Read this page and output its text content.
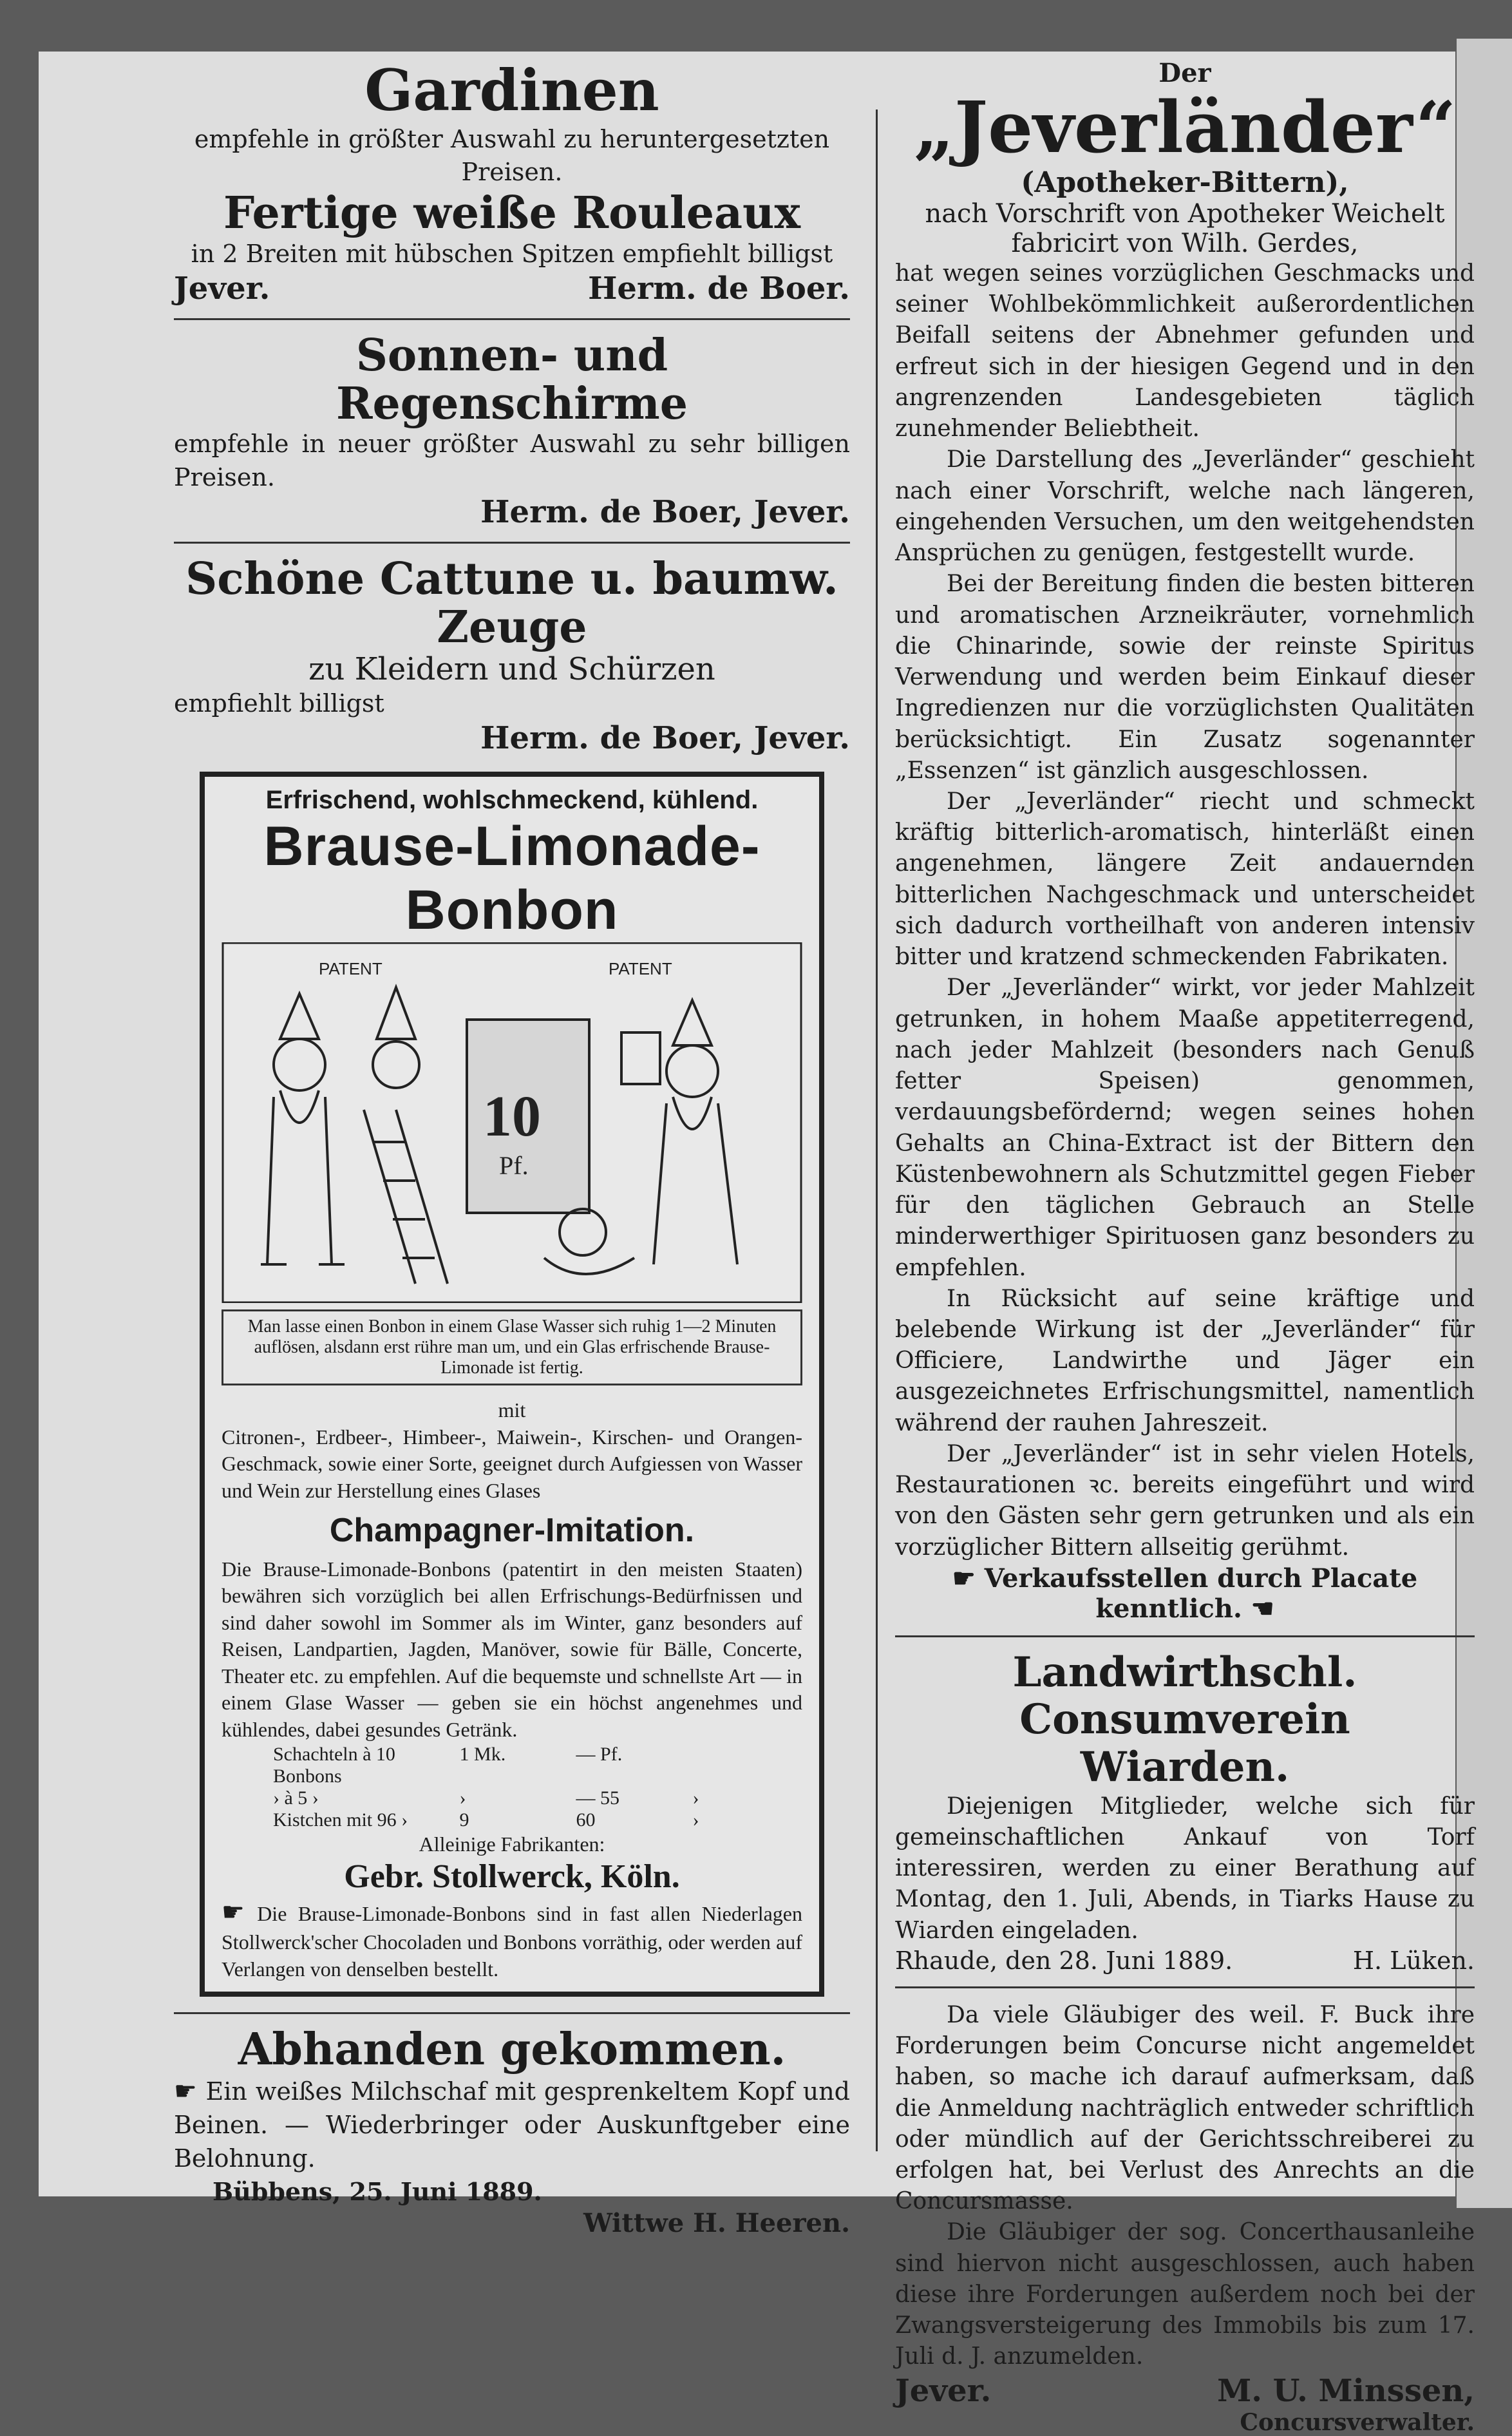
Gardinen
empfehle in größter Auswahl zu heruntergesetzten Preisen.
Fertige weiße Rouleaux
in 2 Breiten mit hübschen Spitzen empfiehlt billigst
Jever.	Herm. de Boer.
Sonnen- und Regenschirme
empfehle in neuer größter Auswahl zu sehr billigen Preisen.
Herm. de Boer, Jever.
Schöne Cattune u. baumw. Zeuge
zu Kleidern und Schürzen
empfiehlt billigst
Herm. de Boer, Jever.
Erfrischend, wohlschmeckend, kühlend.
Brause-Limonade-Bonbon
PATENT	PATENT
10
Pf.
Man lasse einen Bonbon in einem Glase Wasser sich ruhig 1—2 Minuten auflösen, alsdann erst rühre man um, und ein Glas erfrischende Brause-Limonade ist fertig.
mit
Citronen-, Erdbeer-, Himbeer-, Maiwein-, Kirschen- und Orangen-Geschmack, sowie einer Sorte, geeignet durch Aufgiessen von Wasser und Wein zur Herstellung eines Glases
Champagner-Imitation.
Die Brause-Limonade-Bonbons (patentirt in den meisten Staaten) bewähren sich vorzüglich bei allen Erfrischungs-Bedürfnissen und sind daher sowohl im Sommer als im Winter, ganz besonders auf Reisen, Landpartien, Jagden, Manöver, sowie für Bälle, Concerte, Theater etc. zu empfehlen. Auf die bequemste und schnellste Art — in einem Glase Wasser — geben sie ein höchst angenehmes und kühlendes, dabei gesundes Getränk.
Schachteln à 10 Bonbons
1 Mk.	— Pf.
› à 5 ›	›	— 55	›
Kistchen mit 96 ›	9	60	›
Alleinige Fabrikanten:
Gebr. Stollwerck, Köln.
☛ Die Brause-Limonade-Bonbons sind in fast allen Niederlagen Stollwerck'scher Chocoladen und Bonbons vorräthig, oder werden auf Verlangen von denselben bestellt.
Abhanden gekommen.
☛ Ein weißes Milchschaf mit gesprenkeltem Kopf und Beinen. — Wiederbringer oder Auskunftgeber eine Belohnung.
Bübbens, 25. Juni 1889.
Wittwe H. Heeren.
Der
„Jeverländer“
(Apotheker-Bittern),
nach Vorschrift von Apotheker Weichelt
fabricirt von Wilh. Gerdes,

hat wegen seines vorzüglichen Geschmacks und seiner Wohlbekömmlichkeit außerordentlichen Beifall seitens der Abnehmer gefunden und erfreut sich in der hiesigen Gegend und in den angrenzenden Landesgebieten täglich zunehmender Beliebtheit.

Die Darstellung des „Jeverländer“ geschieht nach einer Vorschrift, welche nach längeren, eingehenden Versuchen, um den weitgehendsten Ansprüchen zu genügen, festgestellt wurde.

Bei der Bereitung finden die besten bitteren und aromatischen Arzneikräuter, vornehmlich die Chinarinde, sowie der reinste Spiritus Verwendung und werden beim Einkauf dieser Ingredienzen nur die vorzüglichsten Qualitäten berücksichtigt. Ein Zusatz sogenannter „Essenzen“ ist gänzlich ausgeschlossen.

Der „Jeverländer“ riecht und schmeckt kräftig bitterlich-aromatisch, hinterläßt einen angenehmen, längere Zeit andauernden bitterlichen Nachgeschmack und unterscheidet sich dadurch vortheilhaft von anderen intensiv bitter und kratzend schmeckenden Fabrikaten.

Der „Jeverländer“ wirkt, vor jeder Mahlzeit getrunken, in hohem Maaße appetiterregend, nach jeder Mahlzeit (besonders nach Genuß fetter Speisen) genommen, verdauungsbefördernd; wegen seines hohen Gehalts an China-Extract ist der Bittern den Küstenbewohnern als Schutzmittel gegen Fieber für den täglichen Gebrauch an Stelle minderwerthiger Spirituosen ganz besonders zu empfehlen.

In Rücksicht auf seine kräftige und belebende Wirkung ist der „Jeverländer“ für Officiere, Landwirthe und Jäger ein ausgezeichnetes Erfrischungsmittel, namentlich während der rauhen Jahreszeit.

Der „Jeverländer“ ist in sehr vielen Hotels, Restaurationen ꝛc. bereits eingeführt und wird von den Gästen sehr gern getrunken und als ein vorzüglicher Bittern allseitig gerühmt.

☛ Verkaufsstellen durch Placate kenntlich. ☚
Landwirthschl. Consumverein
Wiarden.

Diejenigen Mitglieder, welche sich für gemeinschaftlichen Ankauf von Torf interessiren, werden zu einer Berathung auf Montag, den 1. Juli, Abends, in Tiarks Hause zu Wiarden eingeladen.

Rhaude, den 28. Juni 1889.	H. Lüken.

Da viele Gläubiger des weil. F. Buck ihre Forderungen beim Concurse nicht angemeldet haben, so mache ich darauf aufmerksam, daß die Anmeldung nachträglich entweder schriftlich oder mündlich auf der Gerichtsschreiberei zu erfolgen hat, bei Verlust des Anrechts an die Concursmasse.

Die Gläubiger der sog. Concerthausanleihe sind hiervon nicht ausgeschlossen, auch haben diese ihre Forderungen außerdem noch bei der Zwangsversteigerung des Immobils bis zum 17. Juli d. J. anzumelden.

Jever.	M. U. Minssen,
Concursverwalter.
